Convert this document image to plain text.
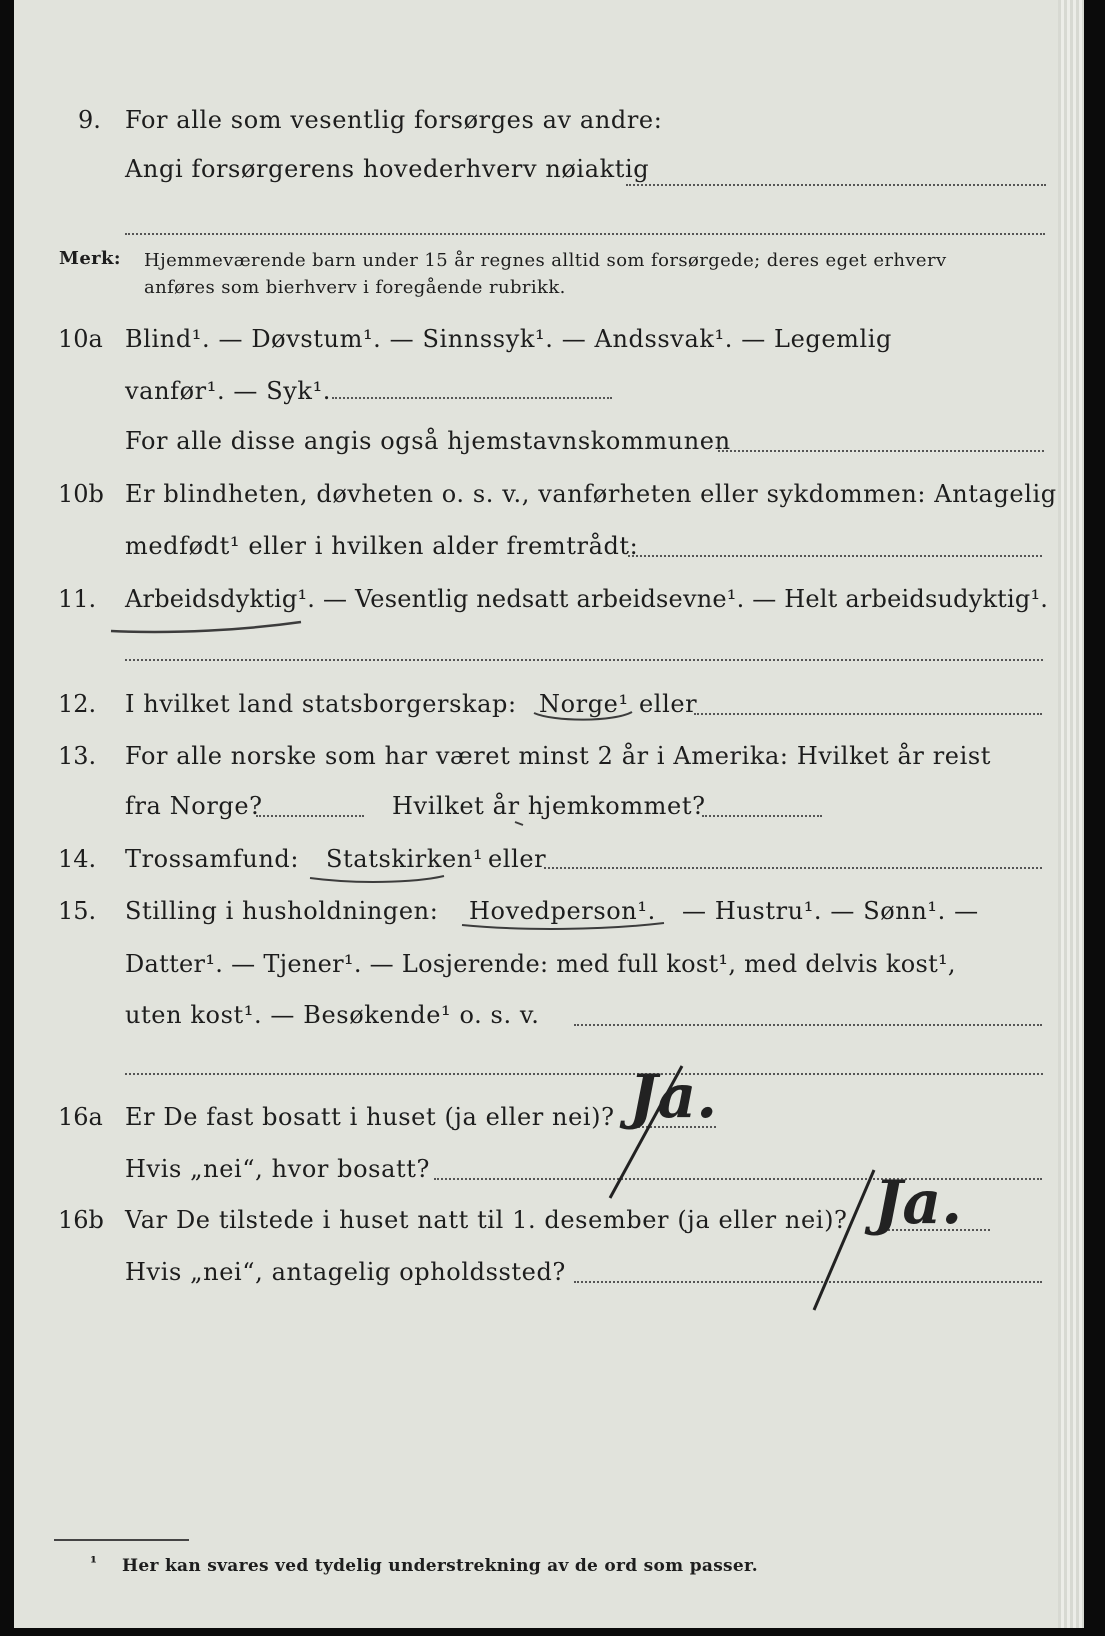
9. For alle som vesentlig forsørges av andre:
Angi forsørgerens hovederhverv nøiaktig
Merk: Hjemmeværende barn under 15 år regnes alltid som forsørgede; deres eget erhverv
anføres som bierhverv i foregående rubrikk.
10a Blind¹. — Døvstum¹. — Sinnssyk¹. — Andssvak¹. — Legemlig
vanfør¹. — Syk¹.
For alle disse angis også hjemstavnskommunen
10b Er blindheten, døvheten o. s. v., vanførheten eller sykdommen: Antagelig
medfødt¹ eller i hvilken alder fremtrådt:
11. Arbeidsdyktig¹. — Vesentlig nedsatt arbeidsevne¹. — Helt arbeidsudyktig¹.
12. I hvilket land statsborgerskap: Norge¹ eller
13. For alle norske som har været minst 2 år i Amerika: Hvilket år reist
fra Norge?	Hvilket år hjemkommet?
14. Trossamfund: Statskirken¹ eller
15. Stilling i husholdningen: Hovedperson¹. — Hustru¹. — Sønn¹. —
Datter¹. — Tjener¹. — Losjerende: med full kost¹, med delvis kost¹,
uten kost¹. — Besøkende¹ o. s. v.
16a Er De fast bosatt i huset (ja eller nei)?
Hvis „nei“, hvor bosatt?
Ja.
16b Var De tilstede i huset natt til 1. desember (ja eller nei)?
Hvis „nei“, antagelig opholdssted?
Ja.
¹ Her kan svares ved tydelig understrekning av de ord som passer.
